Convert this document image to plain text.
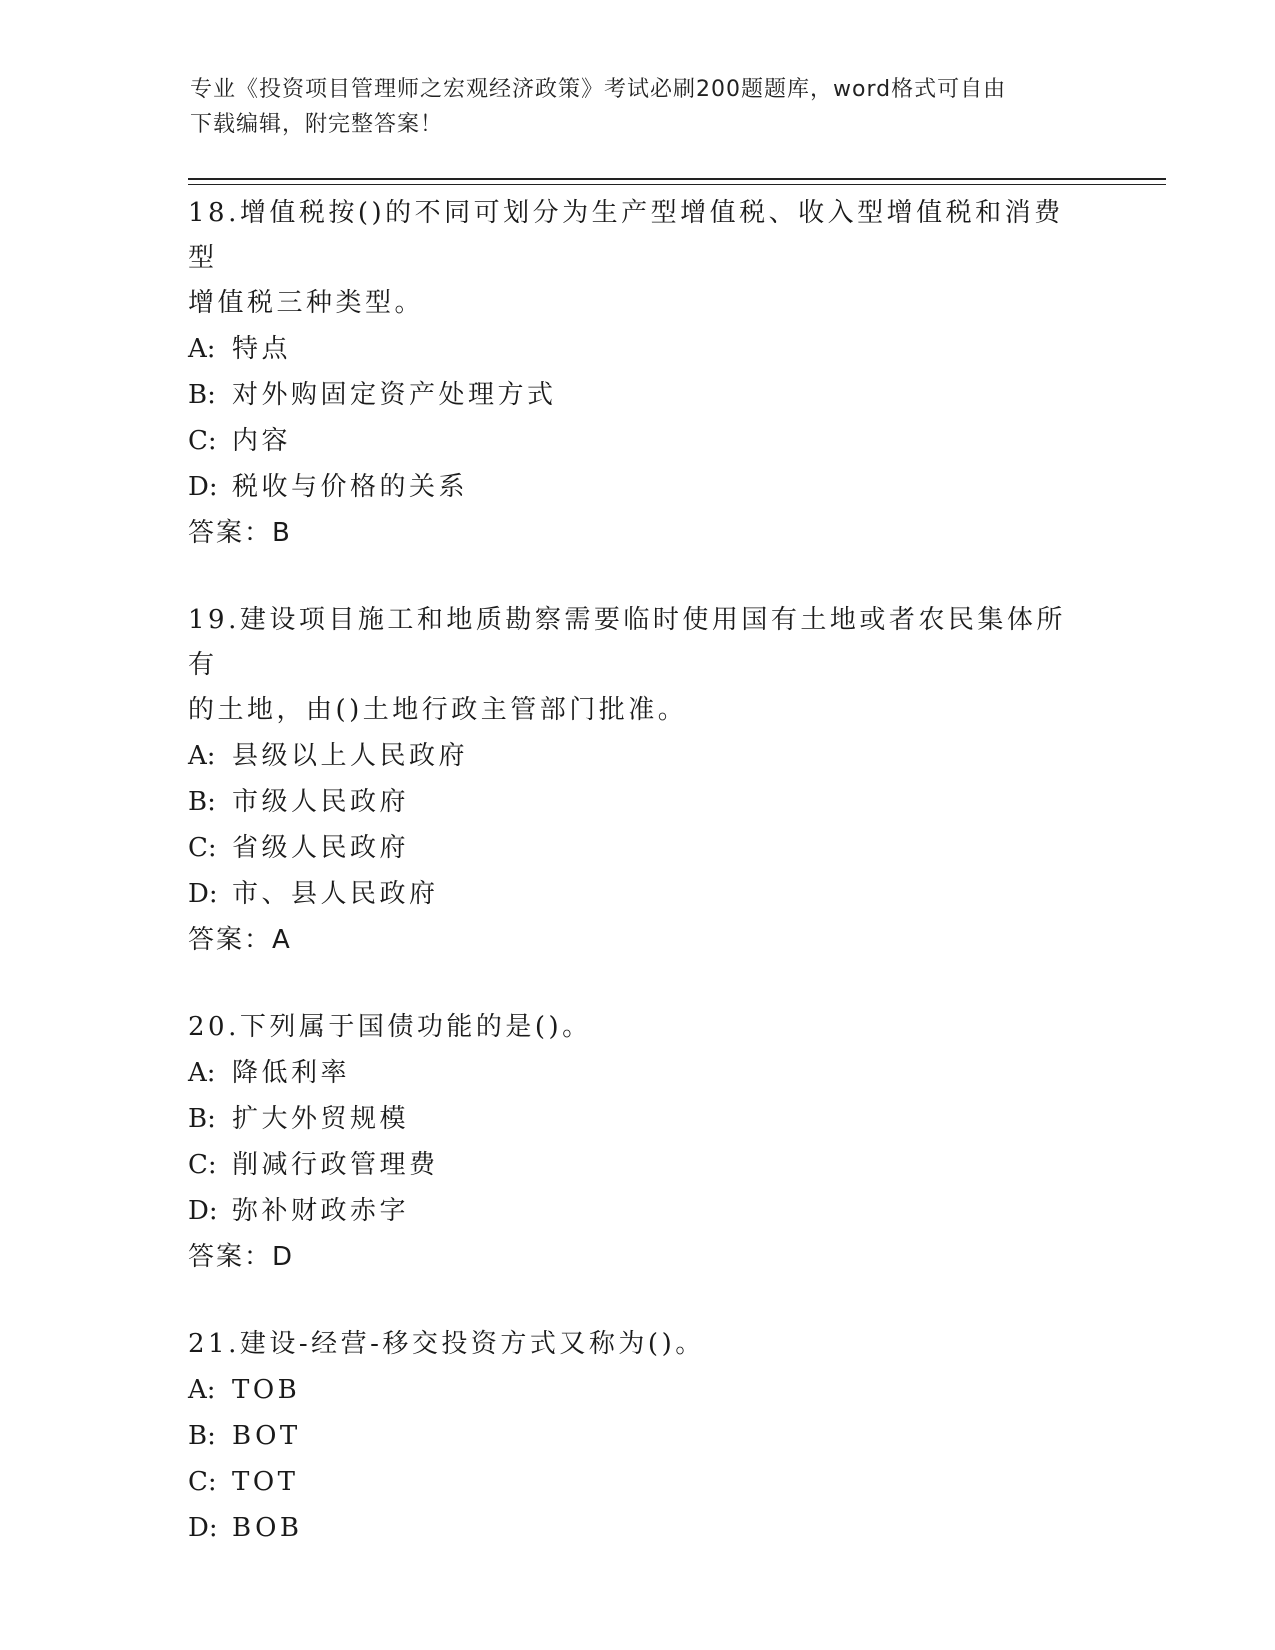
专业《投资项目管理师之宏观经济政策》考试必刷200题题库，word格式可自由
下载编辑，附完整答案！

18.增值税按()的不同可划分为生产型增值税、收入型增值税和消费型

增值税三种类型。

A: 特点

B: 对外购固定资产处理方式

C: 内容

D: 税收与价格的关系

答案：B

19.建设项目施工和地质勘察需要临时使用国有土地或者农民集体所有

的土地，由()土地行政主管部门批准。

A: 县级以上人民政府

B: 市级人民政府

C: 省级人民政府

D: 市、县人民政府

答案：A

20.下列属于国债功能的是()。

A: 降低利率

B: 扩大外贸规模

C: 削减行政管理费

D: 弥补财政赤字

答案：D

21.建设-经营-移交投资方式又称为()。

A: TOB

B: BOT

C: TOT

D: BOB
